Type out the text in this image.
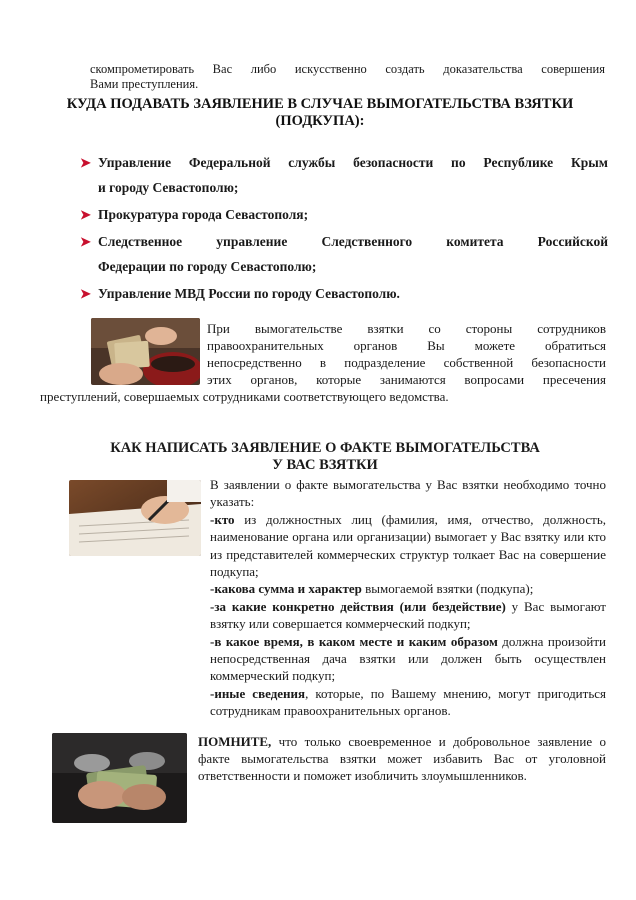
скомпрометировать Вас либо искусственно создать доказательства совершения
Вами преступления.
КУДА ПОДАВАТЬ ЗАЯВЛЕНИЕ В СЛУЧАЕ ВЫМОГАТЕЛЬСТВА ВЗЯТКИ
(ПОДКУПА):
➤ Управление Федеральной службы безопасности по Республике Крым
и городу Севастополю;
➤ Прокуратура города Севастополя;
➤ Следственное управление Следственного комитета Российской
Федерации по городу Севастополю;
➤ Управление МВД России по городу Севастополю.
При вымогательстве взятки со стороны сотрудников
правоохранительных органов Вы можете обратиться
непосредственно в подразделение собственной безопасности
этих органов, которые занимаются вопросами пресечения
преступлений, совершаемых сотрудниками соответствующего ведомства.
КАК НАПИСАТЬ ЗАЯВЛЕНИЕ О ФАКТЕ ВЫМОГАТЕЛЬСТВА
У ВАС ВЗЯТКИ

В заявлении о факте вымогательства у Вас взятки необходимо точно указать:

-кто из должностных лиц (фамилия, имя, отчество, должность, наименование органа или организации) вымогает у Вас взятку или кто из представителей коммерческих структур толкает Вас на совершение подкупа;

-какова сумма и характер вымогаемой взятки (подкупа);

-за какие конкретно действия (или бездействие) у Вас вымогают взятку или совершается коммерческий подкуп;

-в какое время, в каком месте и каким образом должна произойти непосредственная дача взятки или должен быть осуществлен коммерческий подкуп;

-иные сведения, которые, по Вашему мнению, могут пригодиться сотрудникам правоохранительных органов.

ПОМНИТЕ, что только своевременное и добровольное заявление о факте вымогательства взятки может избавить Вас от уголовной ответственности и поможет изобличить злоумышленников.
